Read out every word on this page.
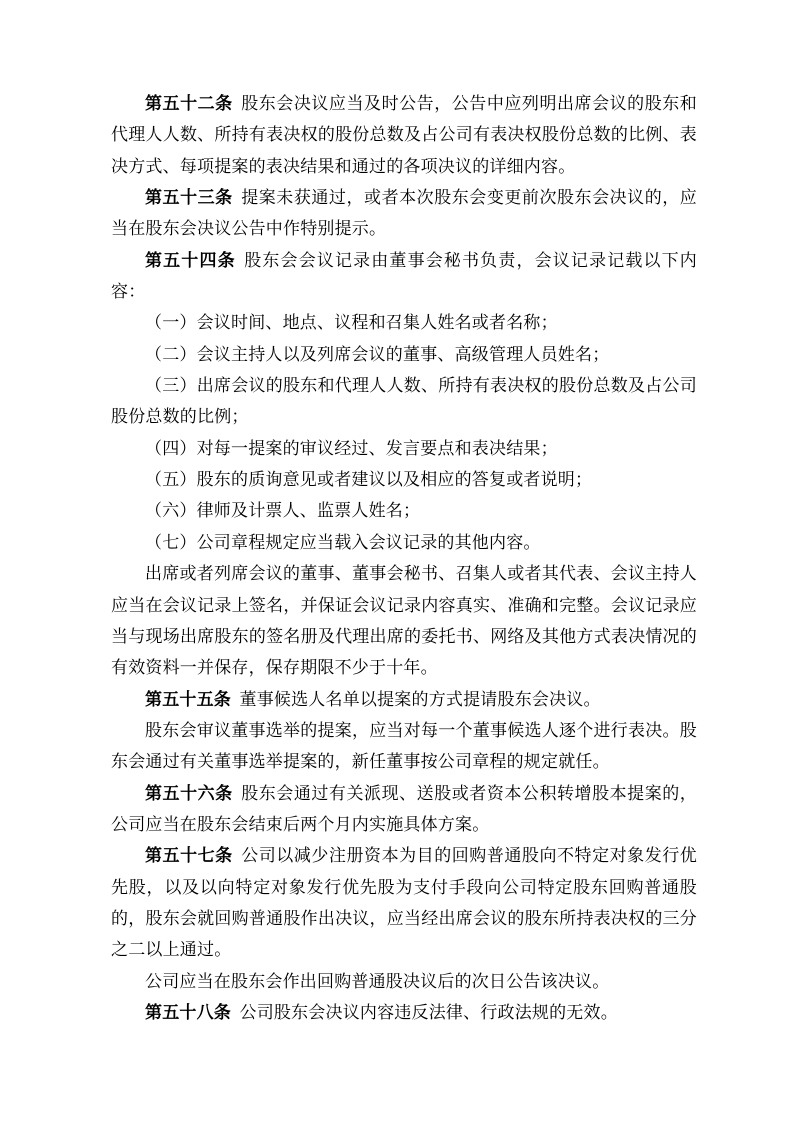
第五十二条 股东会决议应当及时公告，公告中应列明出席会议的股东和代理人人数、所持有表决权的股份总数及占公司有表决权股份总数的比例、表决方式、每项提案的表决结果和通过的各项决议的详细内容。

第五十三条 提案未获通过，或者本次股东会变更前次股东会决议的，应当在股东会决议公告中作特别提示。

第五十四条 股东会会议记录由董事会秘书负责，会议记录记载以下内容：

（一）会议时间、地点、议程和召集人姓名或者名称；

（二）会议主持人以及列席会议的董事、高级管理人员姓名；

（三）出席会议的股东和代理人人数、所持有表决权的股份总数及占公司股份总数的比例；

（四）对每一提案的审议经过、发言要点和表决结果；

（五）股东的质询意见或者建议以及相应的答复或者说明；

（六）律师及计票人、监票人姓名；

（七）公司章程规定应当载入会议记录的其他内容。

出席或者列席会议的董事、董事会秘书、召集人或者其代表、会议主持人应当在会议记录上签名，并保证会议记录内容真实、准确和完整。会议记录应当与现场出席股东的签名册及代理出席的委托书、网络及其他方式表决情况的有效资料一并保存，保存期限不少于十年。

第五十五条 董事候选人名单以提案的方式提请股东会决议。

股东会审议董事选举的提案，应当对每一个董事候选人逐个进行表决。股东会通过有关董事选举提案的，新任董事按公司章程的规定就任。

第五十六条 股东会通过有关派现、送股或者资本公积转增股本提案的，公司应当在股东会结束后两个月内实施具体方案。

第五十七条 公司以减少注册资本为目的回购普通股向不特定对象发行优先股，以及以向特定对象发行优先股为支付手段向公司特定股东回购普通股的，股东会就回购普通股作出决议，应当经出席会议的股东所持表决权的三分之二以上通过。

公司应当在股东会作出回购普通股决议后的次日公告该决议。

第五十八条 公司股东会决议内容违反法律、行政法规的无效。
